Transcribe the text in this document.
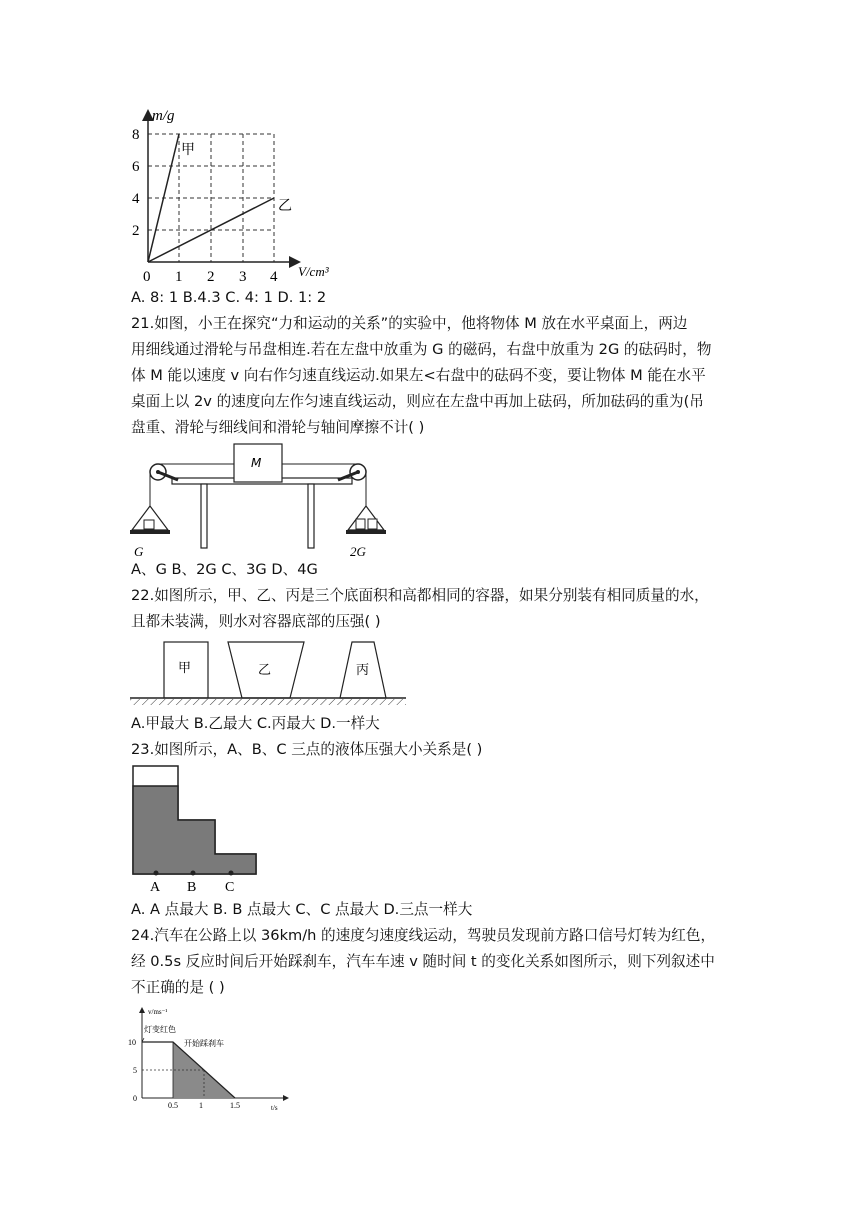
m/g
V/cm³
8
6
4
2
0 1 2 3 4
甲
乙
A. 8: 1 B.4.3 C. 4: 1 D. 1: 2
21.如图，小王在探究“力和运动的关系”的实验中，他将物体 M 放在水平桌面上，两边
用细线通过滑轮与吊盘相连.若在左盘中放重为 G 的磁码，右盘中放重为 2G 的砝码时，物
体 M 能以速度 v 向右作匀速直线运动.如果左<右盘中的砝码不变，要让物体 M 能在水平
桌面上以 2v 的速度向左作匀速直线运动，则应在左盘中再加上砝码，所加砝码的重为(吊
盘重、滑轮与细线间和滑轮与轴间摩擦不计( )
M
G	2G
A、G B、2G C、3G D、4G
22.如图所示，甲、乙、丙是三个底面积和高都相同的容器，如果分别装有相同质量的水，
且都未装满，则水对容器底部的压强( )
甲	乙	丙
A.甲最大 B.乙最大 C.丙最大 D.一样大
23.如图所示，A、B、C 三点的液体压强大小关系是( )
A B C
A. A 点最大 B. B 点最大 C、C 点最大 D.三点一样大
24.汽车在公路上以 36km/h 的速度匀速度线运动，驾驶员发现前方路口信号灯转为红色，
经 0.5s 反应时间后开始踩刹车，汽车车速 v 随时间 t 的变化关系如图所示，则下列叙述中
不正确的是 ( )
v/ms⁻¹
t/s
10
5
0
0.5	1	1.5
灯变红色
开始踩刹车
